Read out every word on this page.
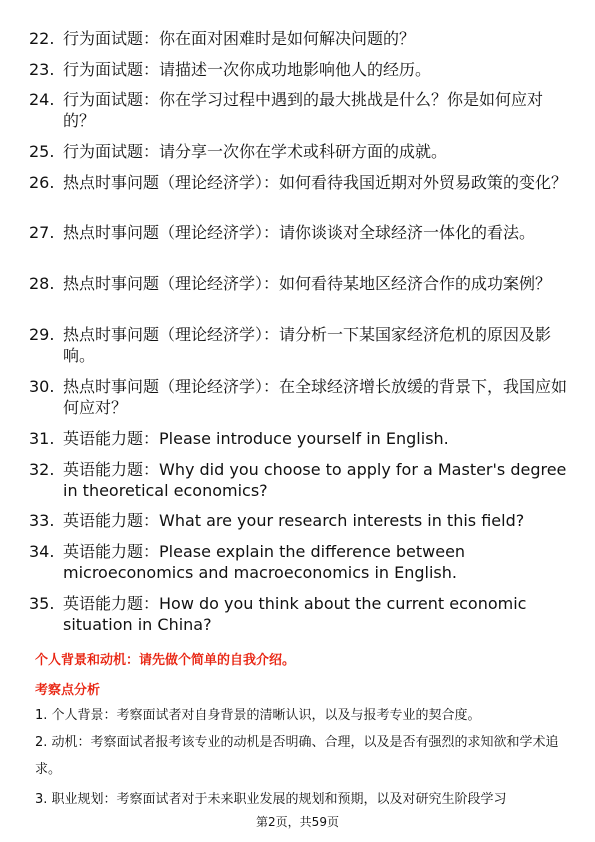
22. 行为面试题：你在面对困难时是如何解决问题的？
23. 行为面试题：请描述一次你成功地影响他人的经历。
24. 行为面试题：你在学习过程中遇到的最大挑战是什么？你是如何应对的？
25. 行为面试题：请分享一次你在学术或科研方面的成就。
26. 热点时事问题（理论经济学）：如何看待我国近期对外贸易政策的变化？
27. 热点时事问题（理论经济学）：请你谈谈对全球经济一体化的看法。
28. 热点时事问题（理论经济学）：如何看待某地区经济合作的成功案例？
29. 热点时事问题（理论经济学）：请分析一下某国家经济危机的原因及影响。
30. 热点时事问题（理论经济学）：在全球经济增长放缓的背景下，我国应如何应对？
31. 英语能力题：Please introduce yourself in English.
32. 英语能力题：Why did you choose to apply for a Master's degree in theoretical economics?
33. 英语能力题：What are your research interests in this field?
34. 英语能力题：Please explain the difference between microeconomics and macroeconomics in English.
35. 英语能力题：How do you think about the current economic situation in China?
个人背景和动机：请先做个简单的自我介绍。
考察点分析
1. 个人背景：考察面试者对自身背景的清晰认识，以及与报考专业的契合度。
2. 动机：考察面试者报考该专业的动机是否明确、合理，以及是否有强烈的求知欲和学术追求。
3. 职业规划：考察面试者对于未来职业发展的规划和预期，以及对研究生阶段学习
第2页，共59页
